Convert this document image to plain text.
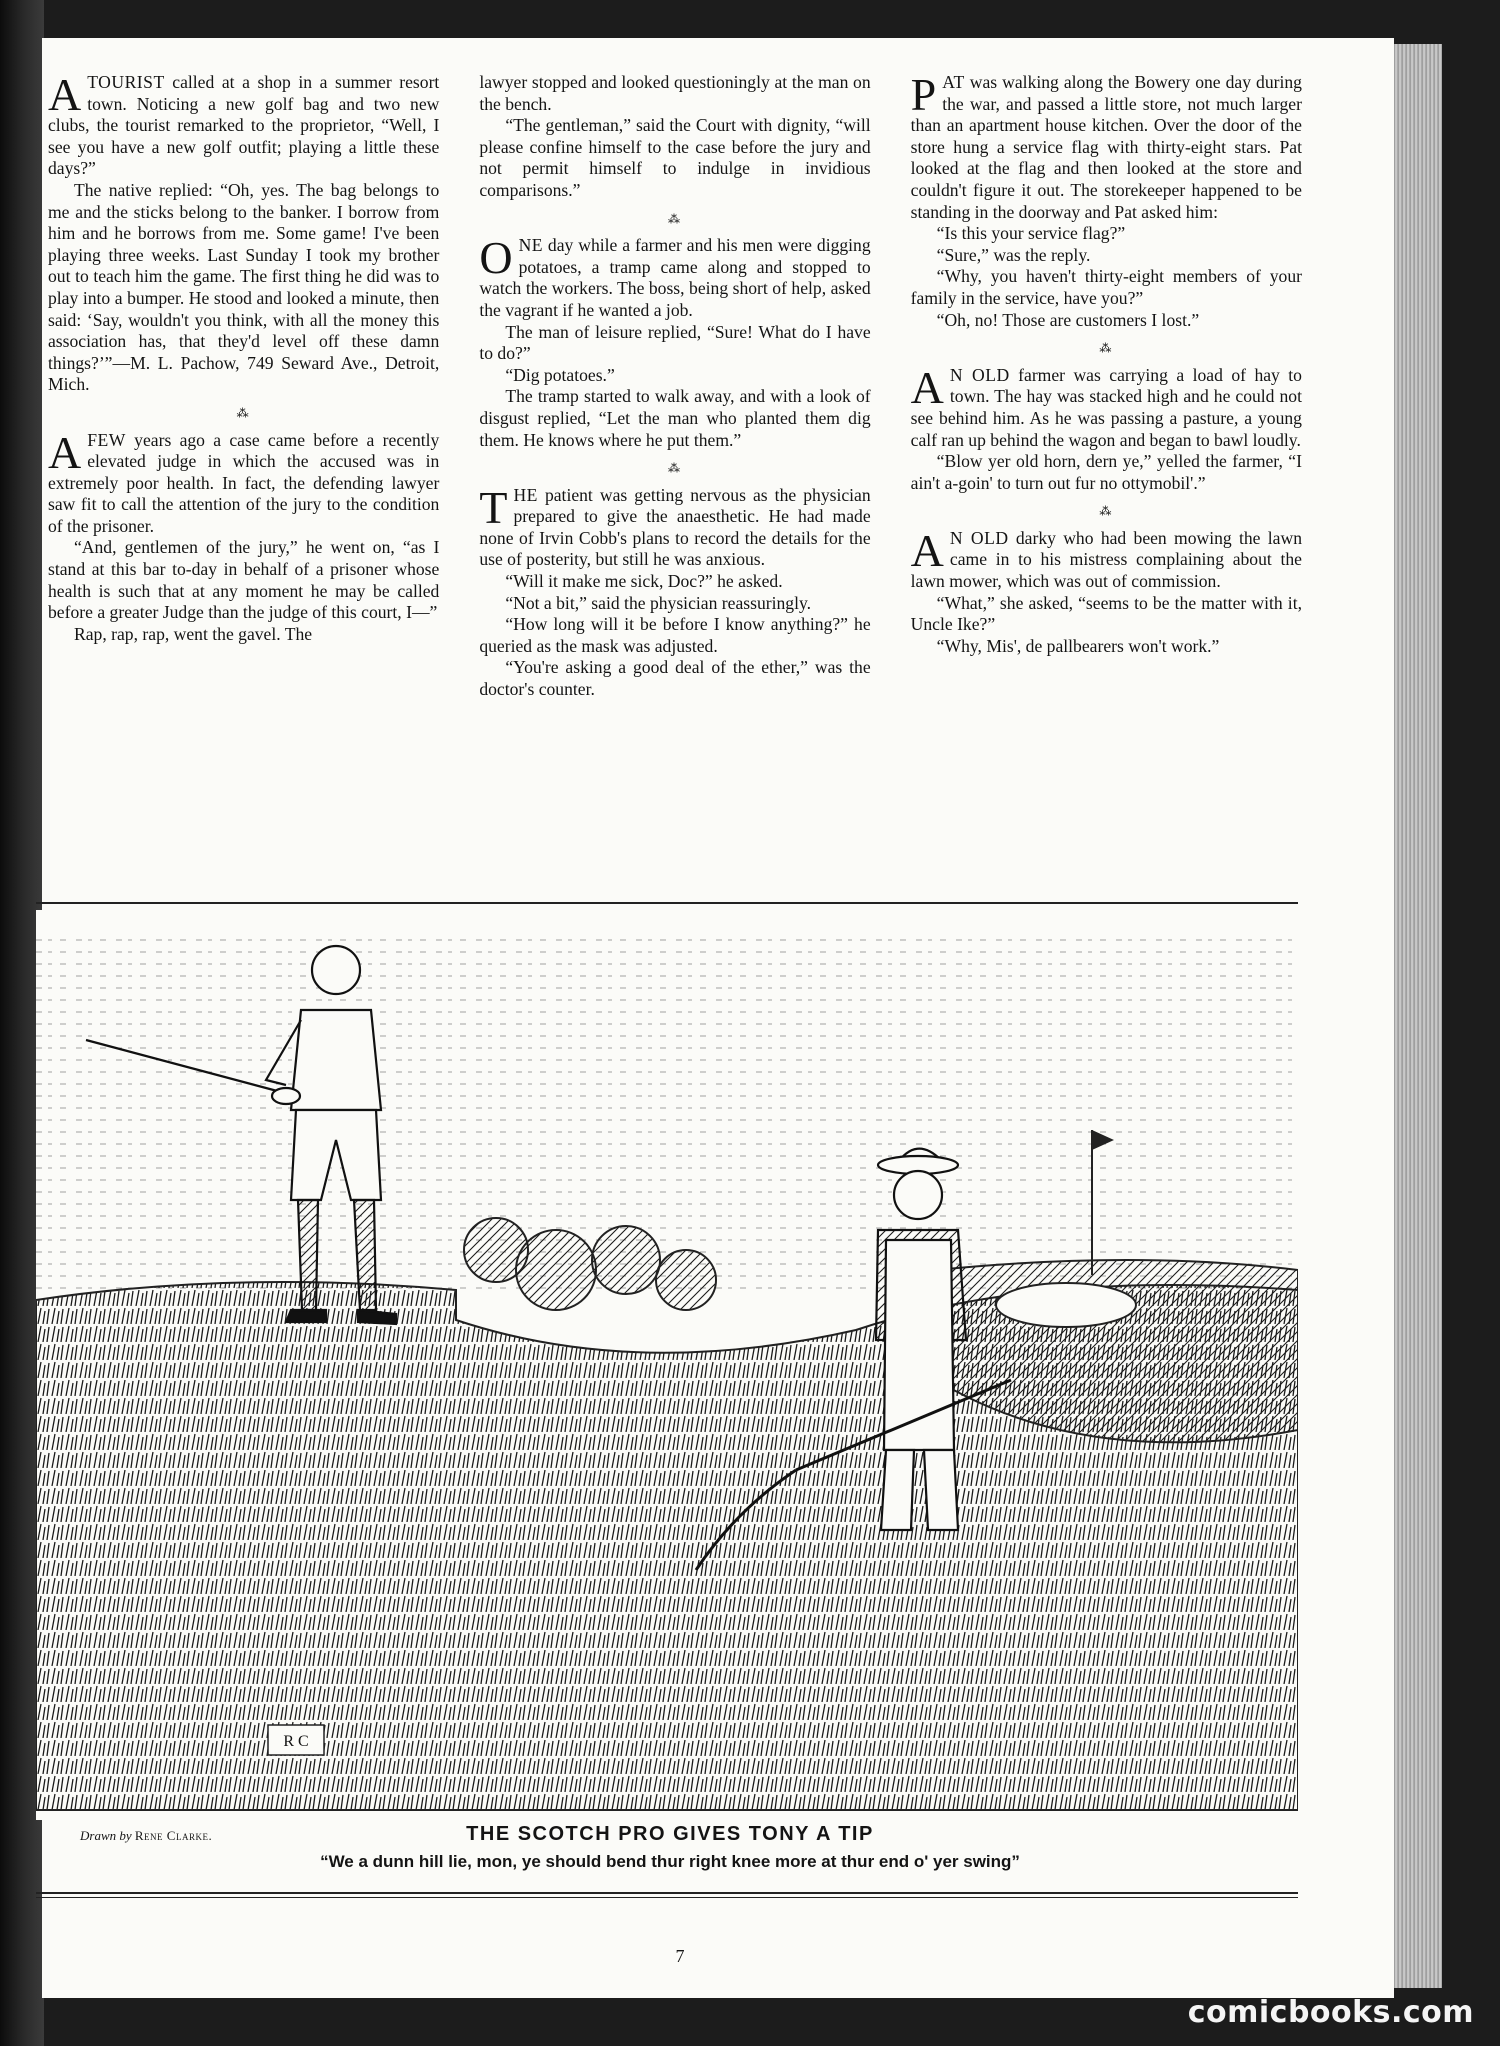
ATOURIST called at a shop in a summer resort town. Noticing a new golf bag and two new clubs, the tourist remarked to the proprietor, “Well, I see you have a new golf outfit; playing a little these days?”

The native replied: “Oh, yes. The bag belongs to me and the sticks belong to the banker. I borrow from him and he borrows from me. Some game! I've been playing three weeks. Last Sunday I took my brother out to teach him the game. The first thing he did was to play into a bumper. He stood and looked a minute, then said: ‘Say, wouldn't you think, with all the money this association has, that they'd level off these damn things?’”—M. L. Pachow, 749 Seward Ave., Detroit, Mich.

⁂

AFEW years ago a case came before a recently elevated judge in which the accused was in extremely poor health. In fact, the defending lawyer saw fit to call the attention of the jury to the condition of the prisoner.

“And, gentlemen of the jury,” he went on, “as I stand at this bar to-day in behalf of a prisoner whose health is such that at any moment he may be called before a greater Judge than the judge of this court, I—”

Rap, rap, rap, went the gavel. The

lawyer stopped and looked questioningly at the man on the bench.

“The gentleman,” said the Court with dignity, “will please confine himself to the case before the jury and not permit himself to indulge in invidious comparisons.”

⁂

ONE day while a farmer and his men were digging potatoes, a tramp came along and stopped to watch the workers. The boss, being short of help, asked the vagrant if he wanted a job.

The man of leisure replied, “Sure! What do I have to do?”

“Dig potatoes.”

The tramp started to walk away, and with a look of disgust replied, “Let the man who planted them dig them. He knows where he put them.”

⁂

THE patient was getting nervous as the physician prepared to give the anaesthetic. He had made none of Irvin Cobb's plans to record the details for the use of posterity, but still he was anxious.

“Will it make me sick, Doc?” he asked.

“Not a bit,” said the physician reassuringly.

“How long will it be before I know anything?” he queried as the mask was adjusted.

“You're asking a good deal of the ether,” was the doctor's counter.

PAT was walking along the Bowery one day during the war, and passed a little store, not much larger than an apartment house kitchen. Over the door of the store hung a service flag with thirty-eight stars. Pat looked at the flag and then looked at the store and couldn't figure it out. The storekeeper happened to be standing in the doorway and Pat asked him:

“Is this your service flag?”

“Sure,” was the reply.

“Why, you haven't thirty-eight members of your family in the service, have you?”

“Oh, no! Those are customers I lost.”

⁂

A N OLD farmer was carrying a load of hay to town. The hay was stacked high and he could not see behind him. As he was passing a pasture, a young calf ran up behind the wagon and began to bawl loudly.

“Blow yer old horn, dern ye,” yelled the farmer, “I ain't a-goin' to turn out fur no ottymobil'.”

⁂

A N OLD darky who had been mowing the lawn came in to his mistress complaining about the lawn mower, which was out of commission.

“What,” she asked, “seems to be the matter with it, Uncle Ike?”

“Why, Mis', de pallbearers won't work.”

R C
Drawn by Rene Clarke.	THE SCOTCH PRO GIVES TONY A TIP
“We a dunn hill lie, mon, ye should bend thur right knee more at thur end o' yer swing”
7
comicbooks.com
